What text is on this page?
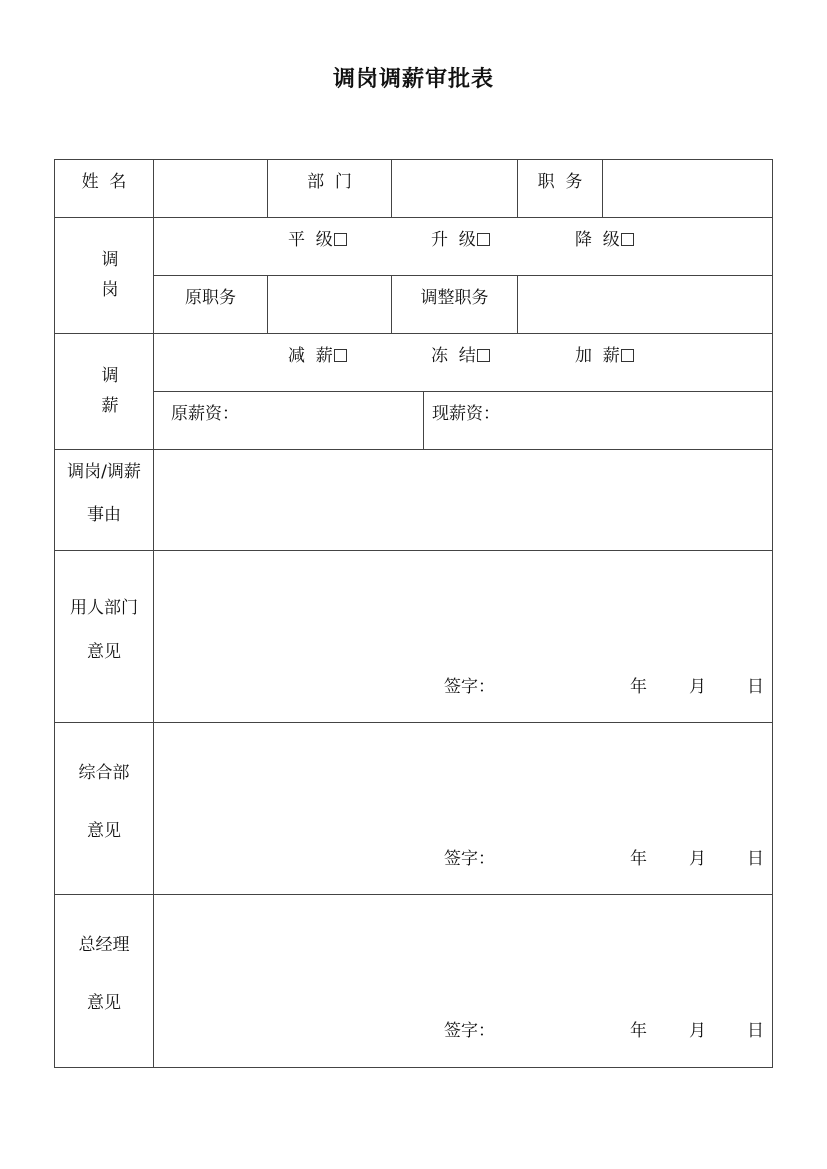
调岗调薪审批表
姓  名	部  门	职  务
调
岗
平  级	升  级	降  级
原职务	调整职务
调
薪
减  薪	冻  结	加  薪
原薪资：	现薪资：
调岗/调薪
事由
用人部门
意见
签字：	年 月 日
综合部
意见
签字：	年 月 日
总经理
意见
签字：	年 月 日
